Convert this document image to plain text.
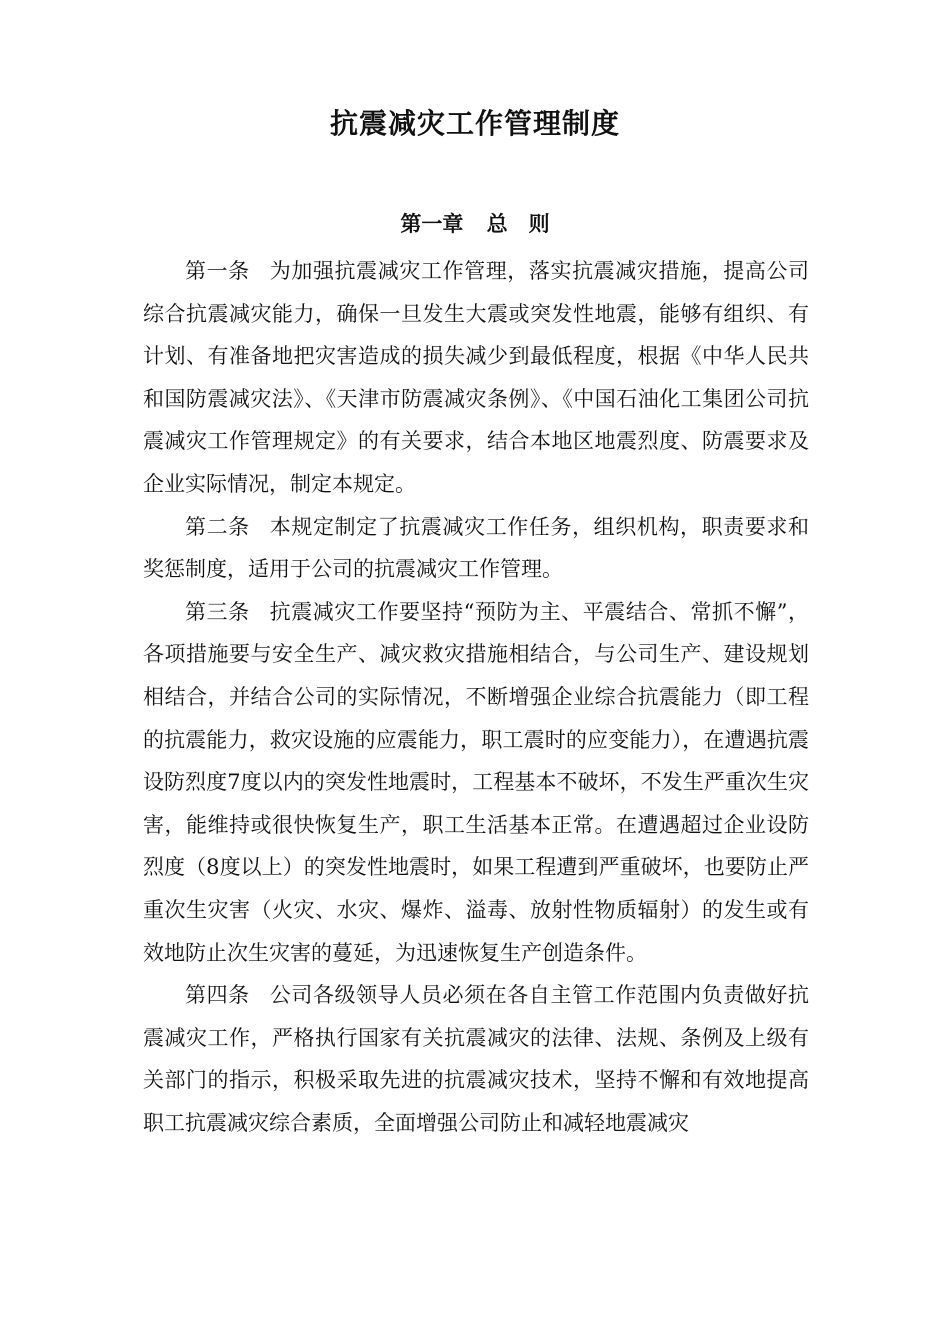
抗震减灾工作管理制度
第一章 总　则

第一条 为加强抗震减灾工作管理，落实抗震减灾措施，提高公司综合抗震减灾能力，确保一旦发生大震或突发性地震，能够有组织、有计划、有准备地把灾害造成的损失减少到最低程度，根据《中华人民共和国防震减灾法》、《天津市防震减灾条例》、《中国石油化工集团公司抗震减灾工作管理规定》的有关要求，结合本地区地震烈度、防震要求及企业实际情况，制定本规定。

第二条 本规定制定了抗震减灾工作任务，组织机构，职责要求和奖惩制度，适用于公司的抗震减灾工作管理。

第三条 抗震减灾工作要坚持“预防为主、平震结合、常抓不懈”，各项措施要与安全生产、减灾救灾措施相结合，与公司生产、建设规划相结合，并结合公司的实际情况，不断增强企业综合抗震能力（即工程的抗震能力，救灾设施的应震能力，职工震时的应变能力），在遭遇抗震设防烈度7度以内的突发性地震时，工程基本不破坏，不发生严重次生灾害，能维持或很快恢复生产，职工生活基本正常。在遭遇超过企业设防烈度（8度以上）的突发性地震时，如果工程遭到严重破坏，也要防止严重次生灾害（火灾、水灾、爆炸、溢毒、放射性物质辐射）的发生或有效地防止次生灾害的蔓延，为迅速恢复生产创造条件。

第四条 公司各级领导人员必须在各自主管工作范围内负责做好抗震减灾工作，严格执行国家有关抗震减灾的法律、法规、条例及上级有关部门的指示，积极采取先进的抗震减灾技术，坚持不懈和有效地提高职工抗震减灾综合素质，全面增强公司防止和减轻地震减灾
